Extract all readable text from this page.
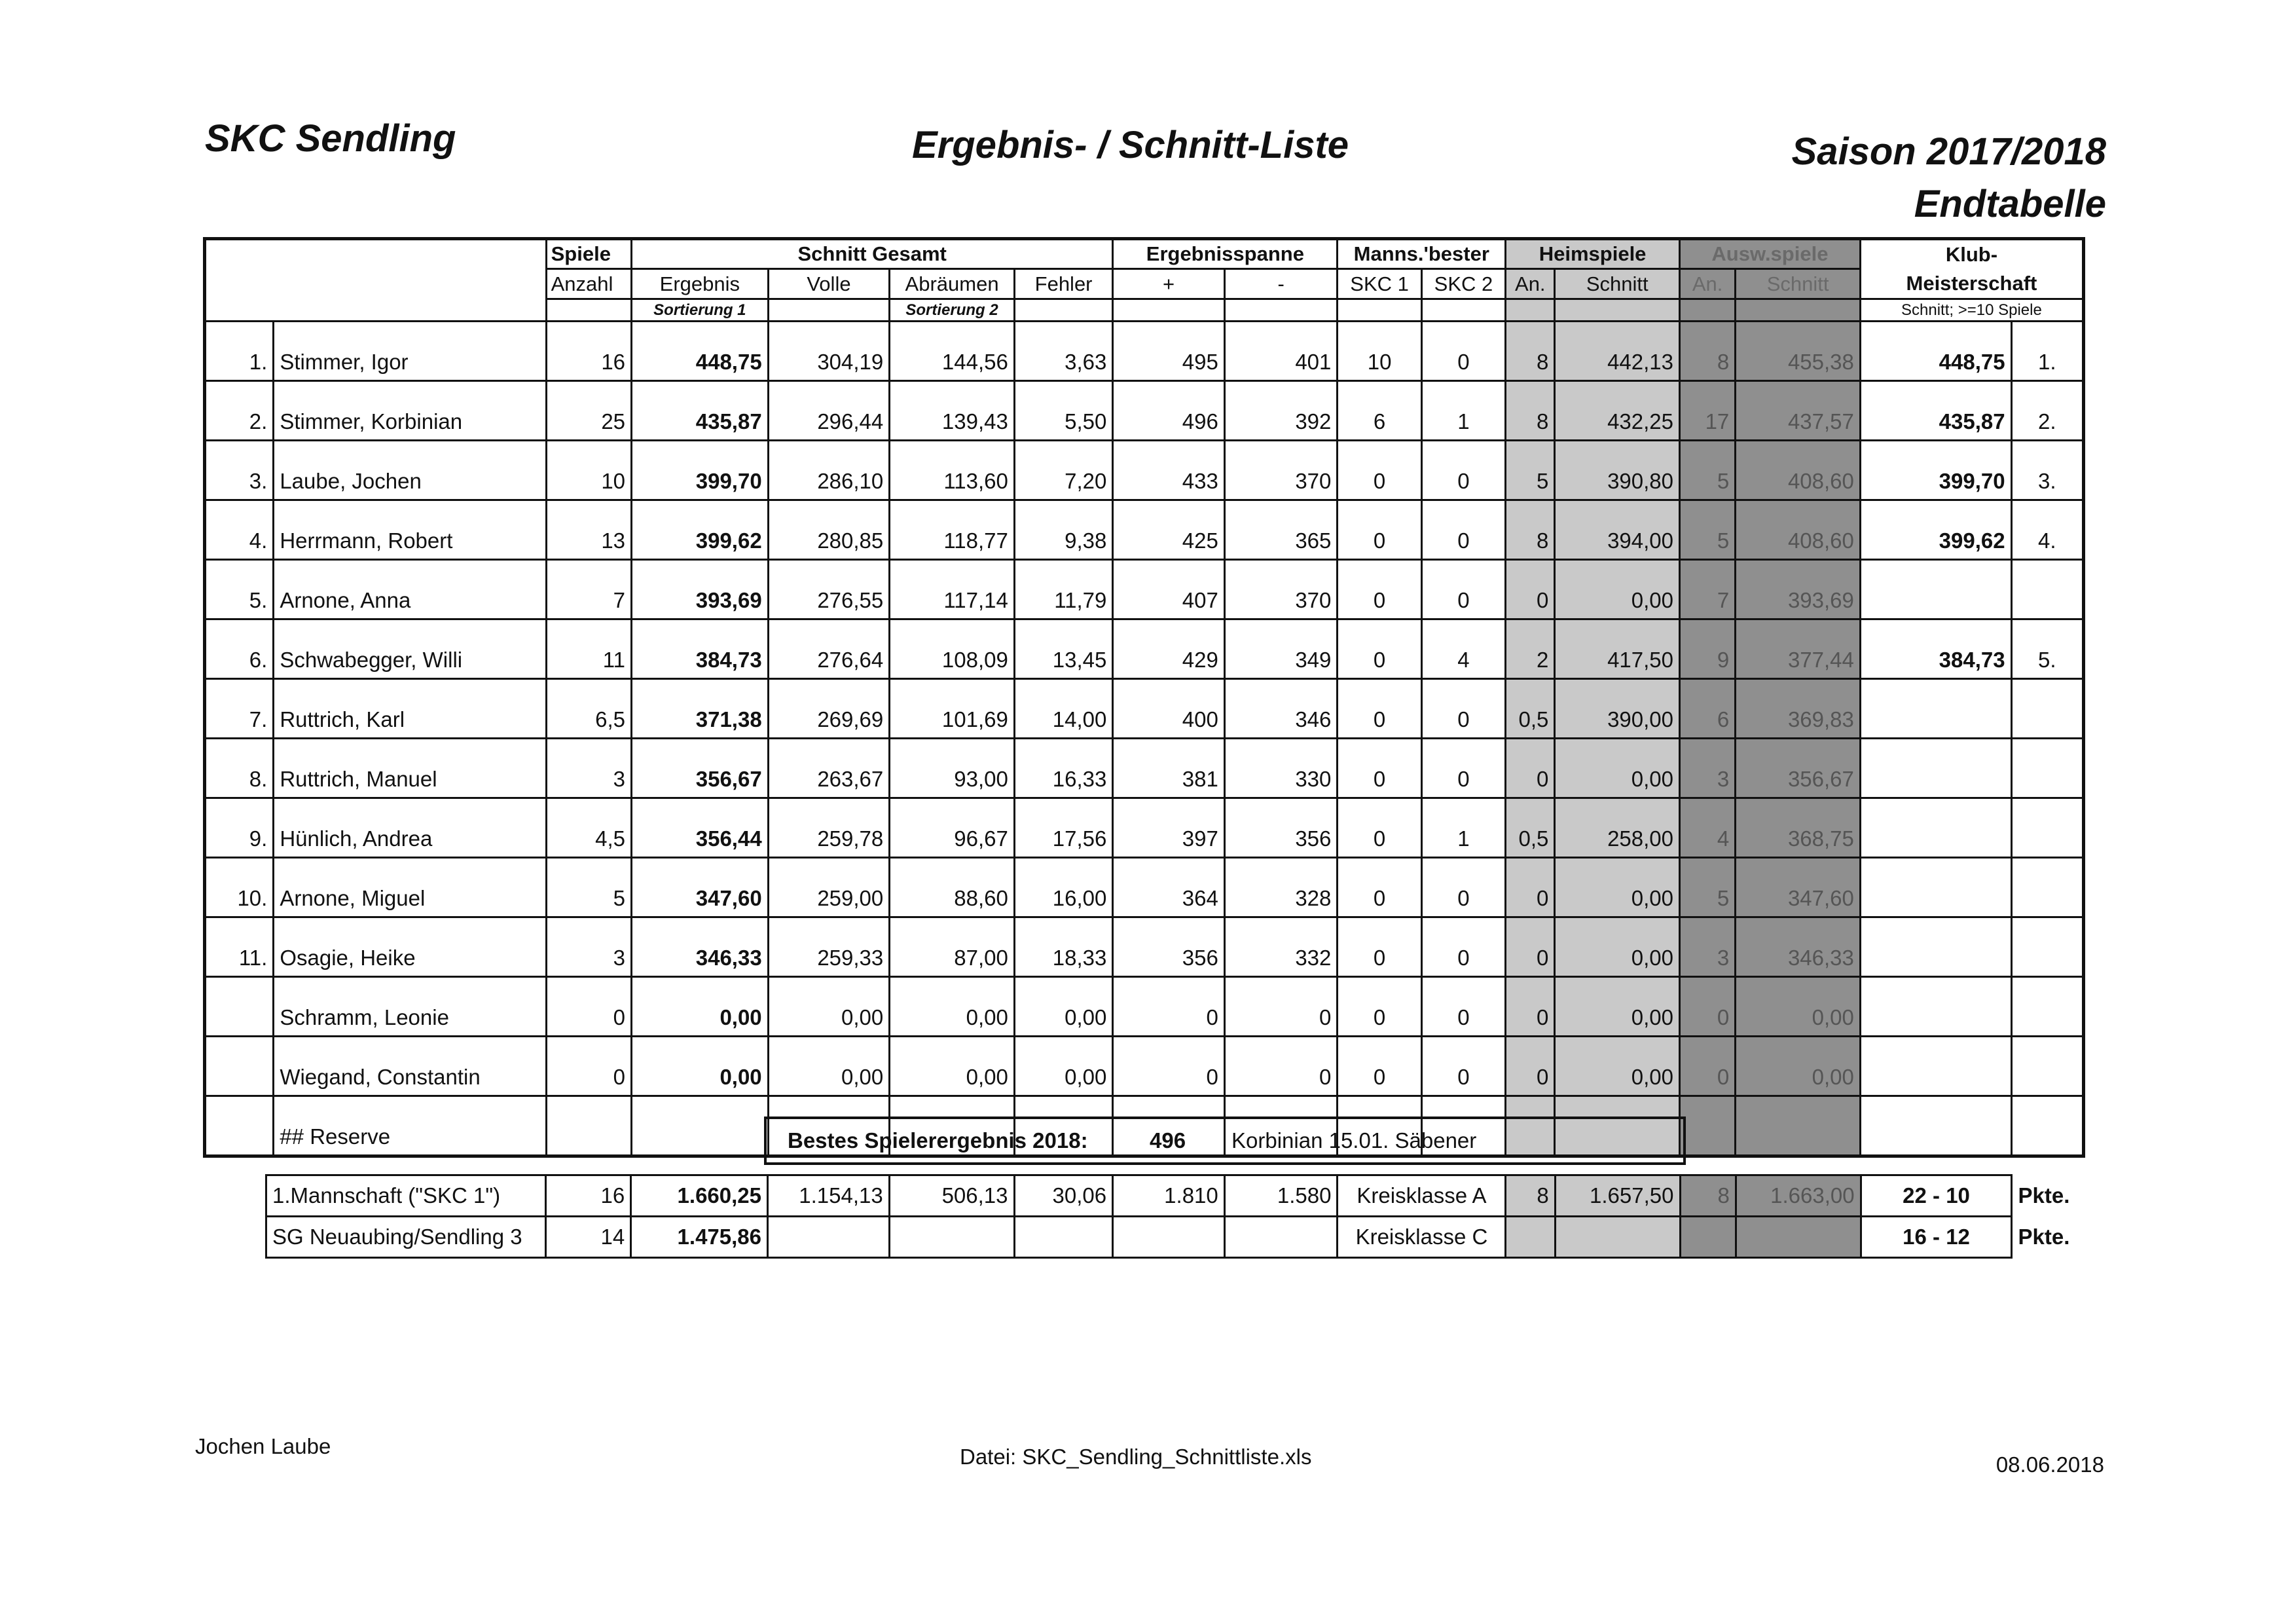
SKC Sendling	Ergebnis- / Schnitt-Liste	Saison 2017/2018
Endtabelle
		Spiele	Schnitt Gesamt				Ergebnisspanne		Manns.'bester		Heimspiele		Ausw.spiele		Klub-
Meisterschaft	

		Anzahl	Ergebnis	Volle	Abräumen	Fehler	+	-	SKC 1	SKC 2	An.	Schnitt	An.	Schnitt		
			Sortierung 1		Sortierung 2										Schnitt; >=10 Spiele	
1.	Stimmer, Igor	16	448,75	304,19	144,56	3,63	495	401	10	0	8	442,13	8	455,38	448,75	1.
2.	Stimmer, Korbinian	25	435,87	296,44	139,43	5,50	496	392	6	1	8	432,25	17	437,57	435,87	2.
3.	Laube, Jochen	10	399,70	286,10	113,60	7,20	433	370	0	0	5	390,80	5	408,60	399,70	3.
4.	Herrmann, Robert	13	399,62	280,85	118,77	9,38	425	365	0	0	8	394,00	5	408,60	399,62	4.
5.	Arnone, Anna	7	393,69	276,55	117,14	11,79	407	370	0	0	0	0,00	7	393,69		
6.	Schwabegger, Willi	11	384,73	276,64	108,09	13,45	429	349	0	4	2	417,50	9	377,44	384,73	5.
7.	Ruttrich, Karl	6,5	371,38	269,69	101,69	14,00	400	346	0	0	0,5	390,00	6	369,83		
8.	Ruttrich, Manuel	3	356,67	263,67	93,00	16,33	381	330	0	0	0	0,00	3	356,67		
9.	Hünlich, Andrea	4,5	356,44	259,78	96,67	17,56	397	356	0	1	0,5	258,00	4	368,75		
10.	Arnone, Miguel	5	347,60	259,00	88,60	16,00	364	328	0	0	0	0,00	5	347,60		
11.	Osagie, Heike	3	346,33	259,33	87,00	18,33	356	332	0	0	0	0,00	3	346,33		
	Schramm, Leonie	0	0,00	0,00	0,00	0,00	0	0	0	0	0	0,00	0	0,00		
	Wiegand, Constantin	0	0,00	0,00	0,00	0,00	0	0	0	0	0	0,00	0	0,00		
	## Reserve																Bestes Spielerergebnis 2018:	496 Korbinian 15.01. Säbener
1.Mannschaft ("SKC 1")	16	1.660,25	1.154,13	506,13	30,06	1.810	1.580	Kreisklasse A	8	1.657,50	8	1.663,00	22 - 10	Pkte.
SG Neuaubing/Sendling 3	14	1.475,86						Kreisklasse C					16 - 12	Pkte.
Jochen Laube	Datei: SKC_Sendling_Schnittliste.xls	08.06.2018
